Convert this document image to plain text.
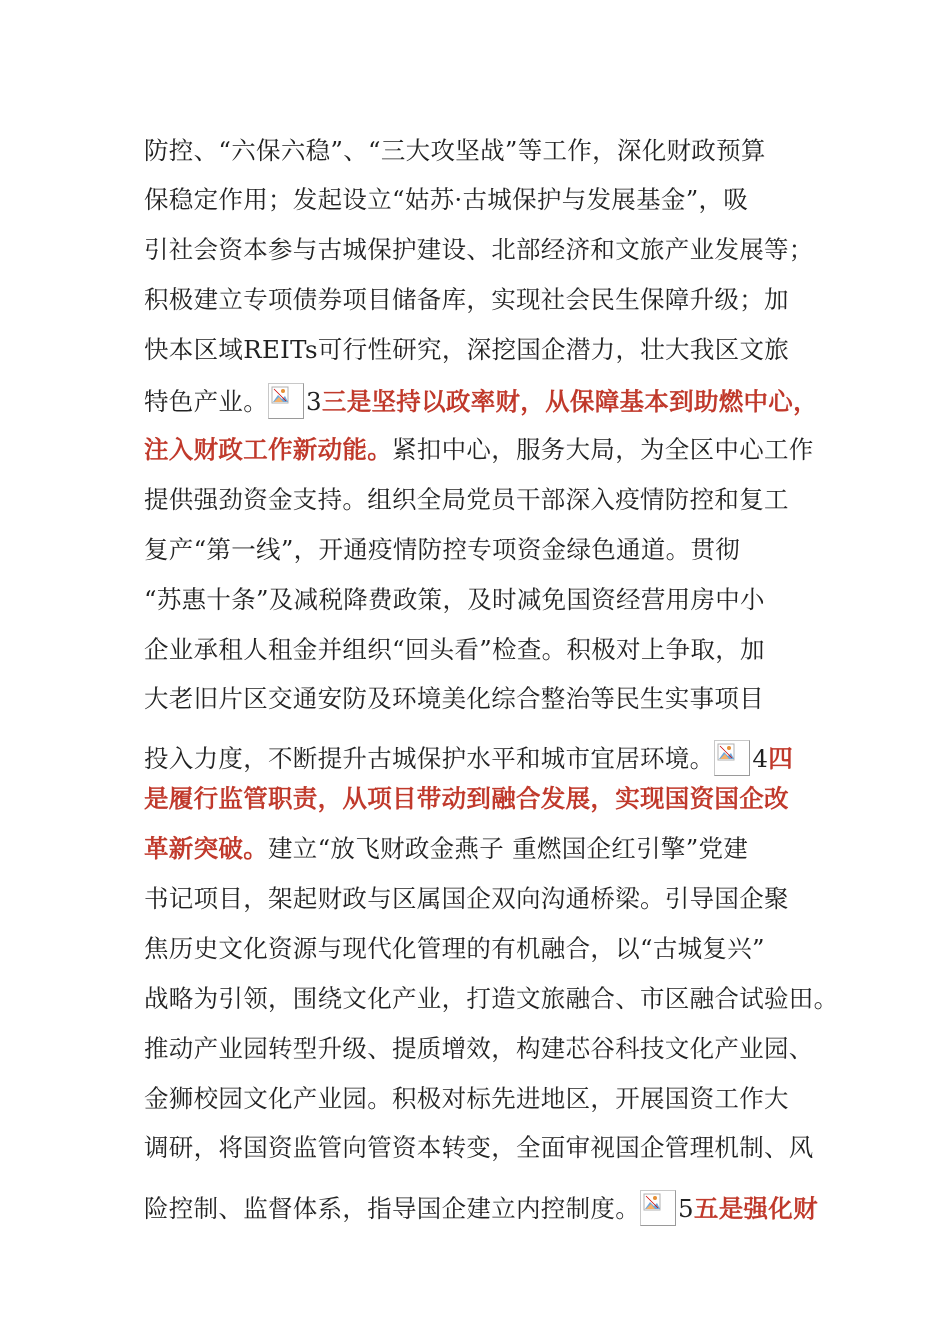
防控、“六保六稳”、“三大攻坚战”等工作，深化财政预算
保稳定作用；发起设立“姑苏·古城保护与发展基金”，吸
引社会资本参与古城保护建设、北部经济和文旅产业发展等；
积极建立专项债券项目储备库，实现社会民生保障升级；加
快本区域REITs可行性研究，深挖国企潜力，壮大我区文旅
特色产业。 3三是坚持以政率财，从保障基本到助燃中心，
注入财政工作新动能。紧扣中心，服务大局，为全区中心工作
提供强劲资金支持。组织全局党员干部深入疫情防控和复工
复产“第一线”，开通疫情防控专项资金绿色通道。贯彻
“苏惠十条”及减税降费政策，及时减免国资经营用房中小
企业承租人租金并组织“回头看”检查。积极对上争取，加
大老旧片区交通安防及环境美化综合整治等民生实事项目
投入力度，不断提升古城保护水平和城市宜居环境。 4四
是履行监管职责，从项目带动到融合发展，实现国资国企改
革新突破。建立“放飞财政金燕子 重燃国企红引擎”党建
书记项目，架起财政与区属国企双向沟通桥梁。引导国企聚
焦历史文化资源与现代化管理的有机融合，以“古城复兴”
战略为引领，围绕文化产业，打造文旅融合、市区融合试验田。
推动产业园转型升级、提质增效，构建芯谷科技文化产业园、
金狮校园文化产业园。积极对标先进地区，开展国资工作大
调研，将国资监管向管资本转变，全面审视国企管理机制、风
险控制、监督体系，指导国企建立内控制度。 5五是强化财
